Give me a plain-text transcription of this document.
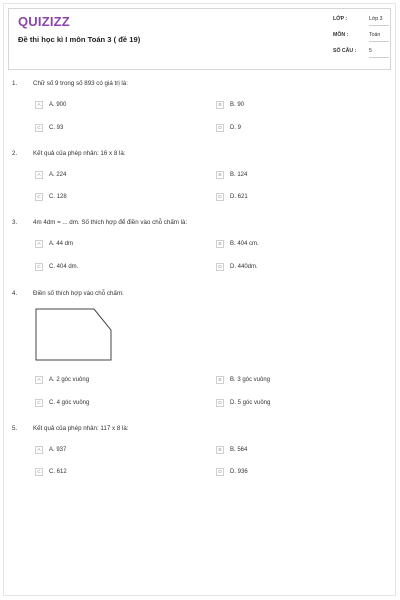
QUIZIZZ
Đề thi học kì I môn Toán 3 ( đề 19)
LỚP :	Lớp 3
MÔN :	Toán
SỐ CÂU :	5
1.	Chữ số 9 trong số 893 có giá trị là:
A	A. 900	B	B. 90
C	C. 93	D	D. 9
2.	Kết quả của phép nhân: 16 x 8 là:
A	A. 224	B	B. 124
C	C. 128	D	D. 621
3.	4m 4dm = ... dm. Số thích hợp để điền vào chỗ chấm là:
A	A. 44 dm	B	B. 404 cm.
C	C. 404 dm.	D	D. 440dm.
4.	Điền số thích hợp vào chỗ chấm:
A	A. 2 góc vuông	B	B. 3 góc vuông
C	C. 4 góc vuông	D	D. 5 góc vuông
5.	Kết quả của phép nhân: 117 x 8 là:
A	A. 937	B	B. 564
C	C. 612	D	D. 936
